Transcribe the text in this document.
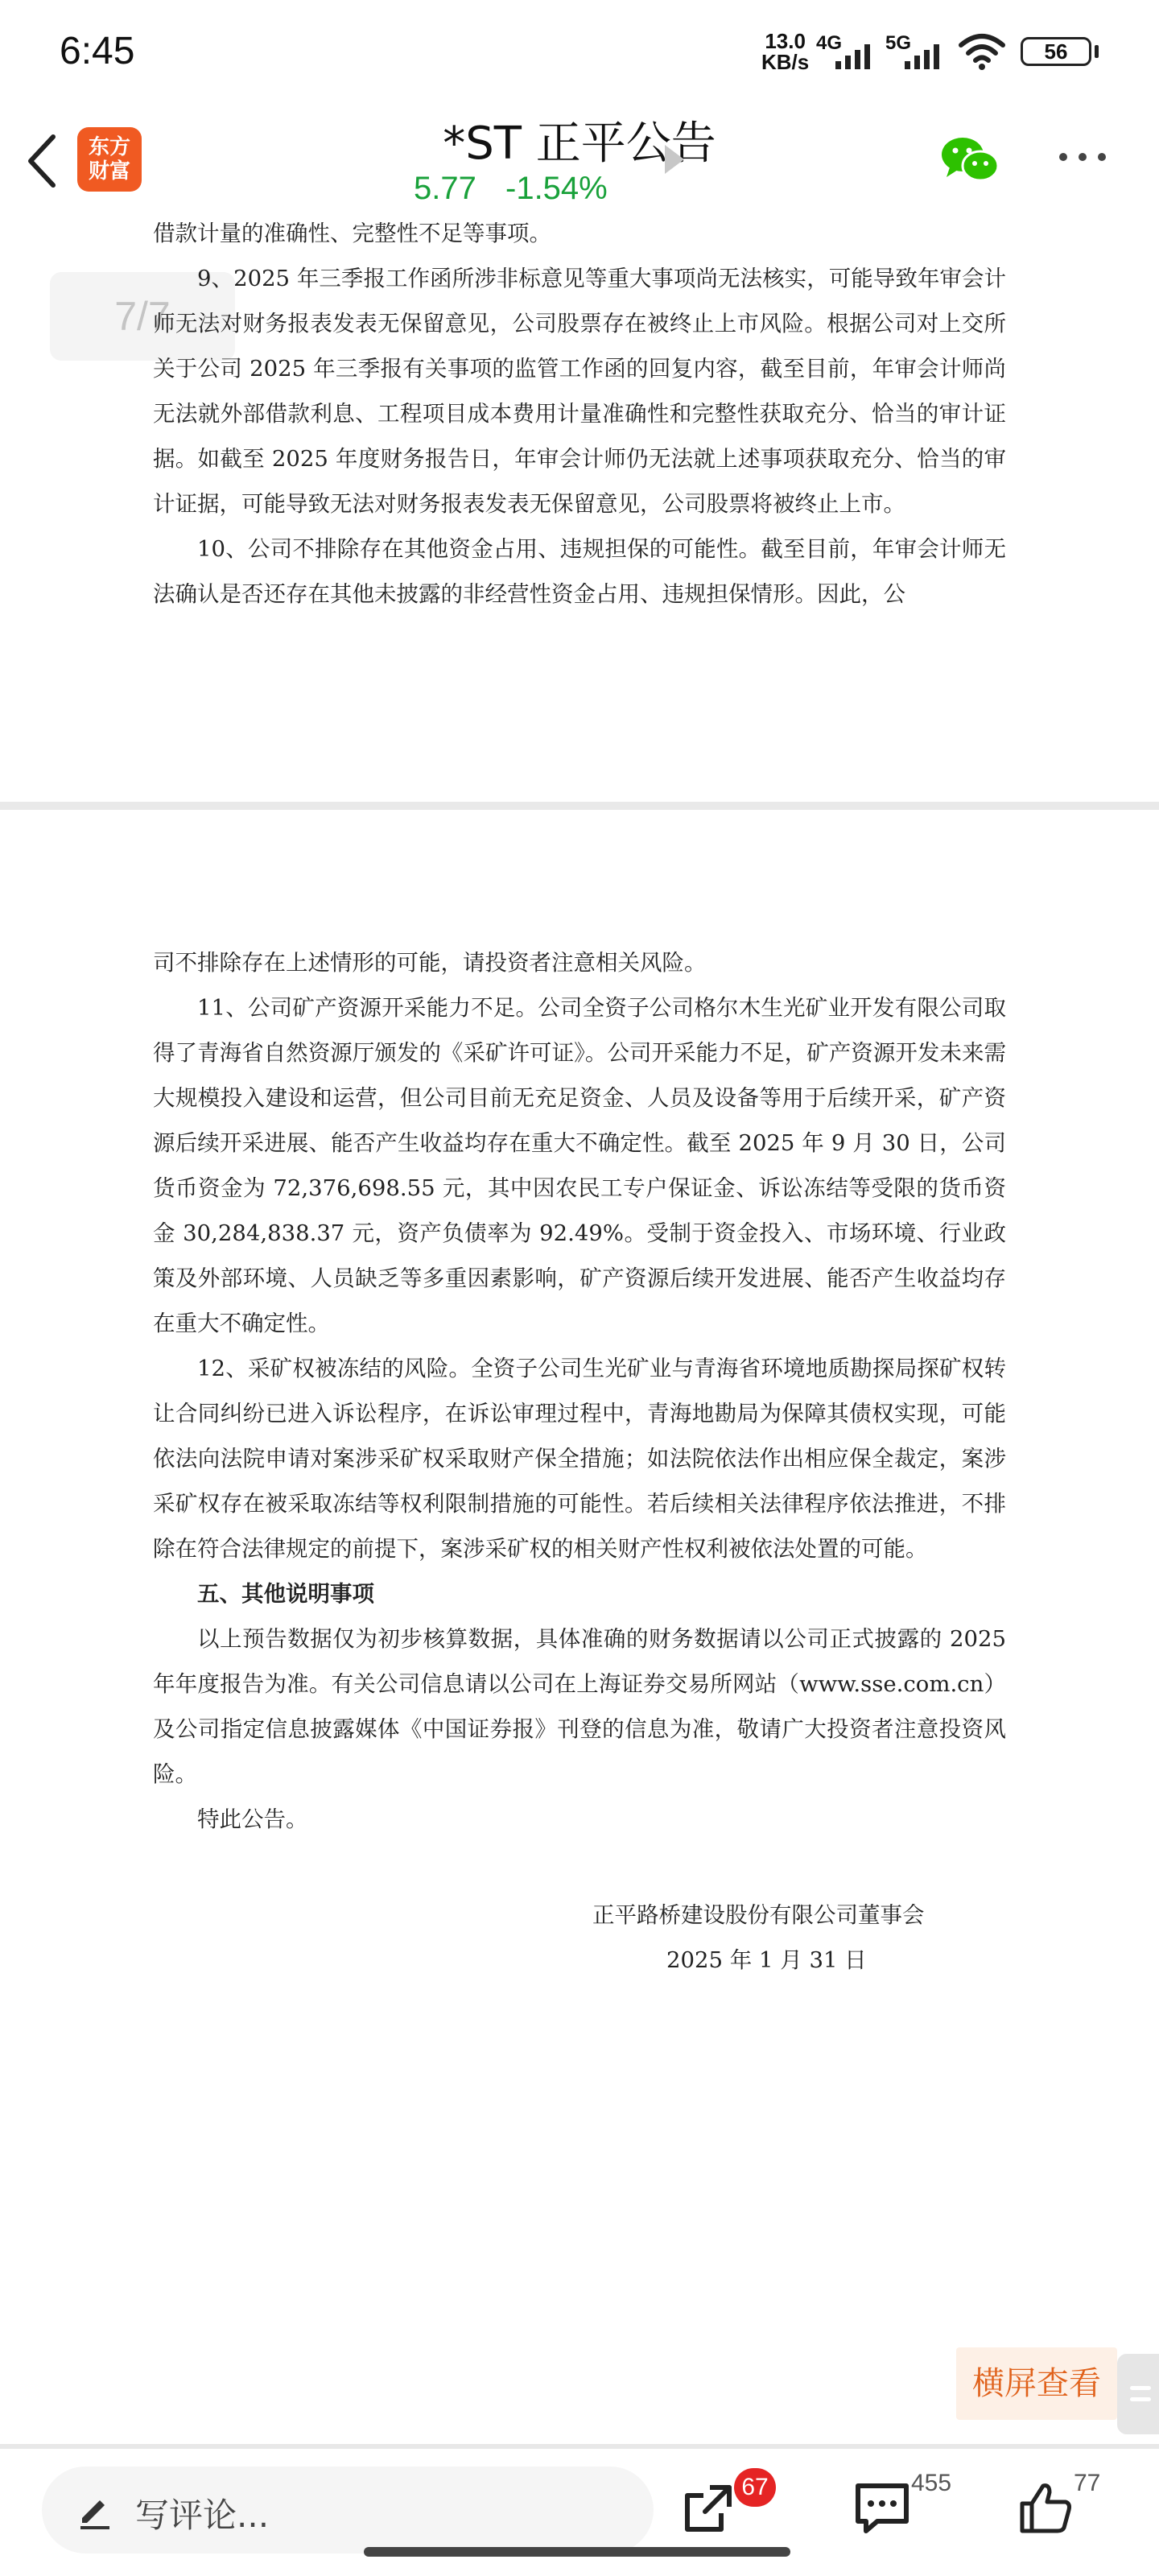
6:45	13.0
KB/s
4G 5G	56
东方
财富
*ST 正平公告
5.77 -1.54%
7/7

借款计量的准确性、完整性不足等事项。

9、2025 年三季报工作函所涉非标意见等重大事项尚无法核实，可能导致年审会计师无法对财务报表发表无保留意见，公司股票存在被终止上市风险。根据公司对上交所关于公司 2025 年三季报有关事项的监管工作函的回复内容，截至目前，年审会计师尚无法就外部借款利息、工程项目成本费用计量准确性和完整性获取充分、恰当的审计证据。如截至 2025 年度财务报告日，年审会计师仍无法就上述事项获取充分、恰当的审计证据，可能导致无法对财务报表发表无保留意见，公司股票将被终止上市。

10、公司不排除存在其他资金占用、违规担保的可能性。截至目前，年审会计师无法确认是否还存在其他未披露的非经营性资金占用、违规担保情形。因此，公

司不排除存在上述情形的可能，请投资者注意相关风险。

11、公司矿产资源开采能力不足。公司全资子公司格尔木生光矿业开发有限公司取得了青海省自然资源厅颁发的《采矿许可证》。公司开采能力不足，矿产资源开发未来需大规模投入建设和运营，但公司目前无充足资金、人员及设备等用于后续开采，矿产资源后续开采进展、能否产生收益均存在重大不确定性。截至 2025 年 9 月 30 日，公司货币资金为 72,376,698.55 元，其中因农民工专户保证金、诉讼冻结等受限的货币资金 30,284,838.37 元，资产负债率为 92.49%。受制于资金投入、市场环境、行业政策及外部环境、人员缺乏等多重因素影响，矿产资源后续开发进展、能否产生收益均存在重大不确定性。

12、采矿权被冻结的风险。全资子公司生光矿业与青海省环境地质勘探局探矿权转让合同纠纷已进入诉讼程序，在诉讼审理过程中，青海地勘局为保障其债权实现，可能依法向法院申请对案涉采矿权采取财产保全措施；如法院依法作出相应保全裁定，案涉采矿权存在被采取冻结等权利限制措施的可能性。若后续相关法律程序依法推进，不排除在符合法律规定的前提下，案涉采矿权的相关财产性权利被依法处置的可能。

五、其他说明事项

以上预告数据仅为初步核算数据，具体准确的财务数据请以公司正式披露的 2025 年年度报告为准。有关公司信息请以公司在上海证券交易所网站（www.sse.com.cn）及公司指定信息披露媒体《中国证券报》刊登的信息为准，敬请广大投资者注意投资风险。

特此公告。

正平路桥建设股份有限公司董事会
2025 年 1 月 31 日
横屏查看
写评论...
67	455	77
